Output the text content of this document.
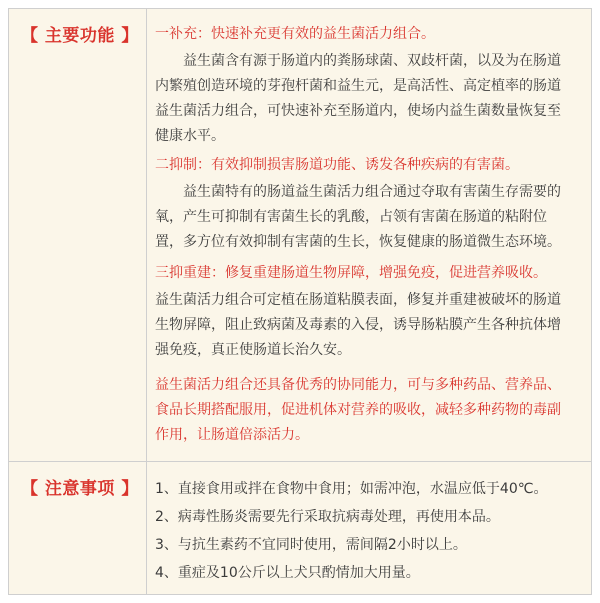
【 主要功能 】 一补充：快速补充更有效的益生菌活力组合。
益生菌含有源于肠道内的粪肠球菌、双歧杆菌，以及为在肠道
内繁殖创造环境的芽孢杆菌和益生元，是高活性、高定植率的肠道
益生菌活力组合，可快速补充至肠道内，使场内益生菌数量恢复至
健康水平。
二抑制：有效抑制损害肠道功能、诱发各种疾病的有害菌。
益生菌特有的肠道益生菌活力组合通过夺取有害菌生存需要的
氧，产生可抑制有害菌生长的乳酸，占领有害菌在肠道的粘附位
置，多方位有效抑制有害菌的生长，恢复健康的肠道微生态环境。
三抑重建：修复重建肠道生物屏障，增强免疫，促进营养吸收。
益生菌活力组合可定植在肠道粘膜表面，修复并重建被破坏的肠道
生物屏障，阻止致病菌及毒素的入侵，诱导肠粘膜产生各种抗体增
强免疫，真正使肠道长治久安。
益生菌活力组合还具备优秀的协同能力，可与多种药品、营养品、
食品长期搭配服用，促进机体对营养的吸收，减轻多种药物的毒副
作用，让肠道倍添活力。
【 注意事项 】 1、直接食用或拌在食物中食用；如需冲泡，水温应低于40℃。
2、病毒性肠炎需要先行采取抗病毒处理，再使用本品。
3、与抗生素药不宜同时使用，需间隔2小时以上。
4、重症及10公斤以上犬只酌情加大用量。
